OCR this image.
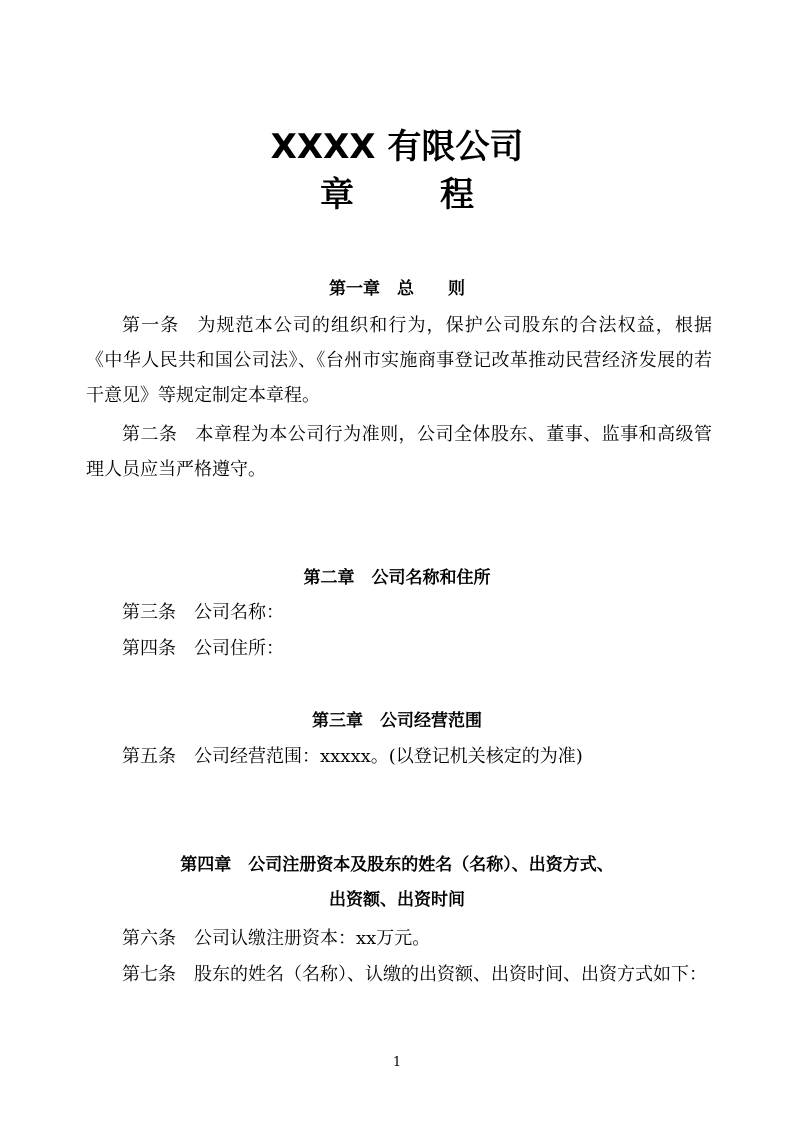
XXXX 有限公司
章	程
第一章　总　　则
第一条 为规范本公司的组织和行为，保护公司股东的合法权益，根据《中华人民共和国公司法》、《台州市实施商事登记改革推动民营经济发展的若干意见》等规定制定本章程。
第二条 本章程为本公司行为准则，公司全体股东、董事、监事和高级管理人员应当严格遵守。
第二章　公司名称和住所
第三条 公司名称：
第四条 公司住所：
第三章　公司经营范围
第五条 公司经营范围：xxxxx。(以登记机关核定的为准)
第四章　公司注册资本及股东的姓名（名称）、出资方式、
出资额、出资时间
第六条 公司认缴注册资本：xx万元。
第七条 股东的姓名（名称）、认缴的出资额、出资时间、出资方式如下：
1
